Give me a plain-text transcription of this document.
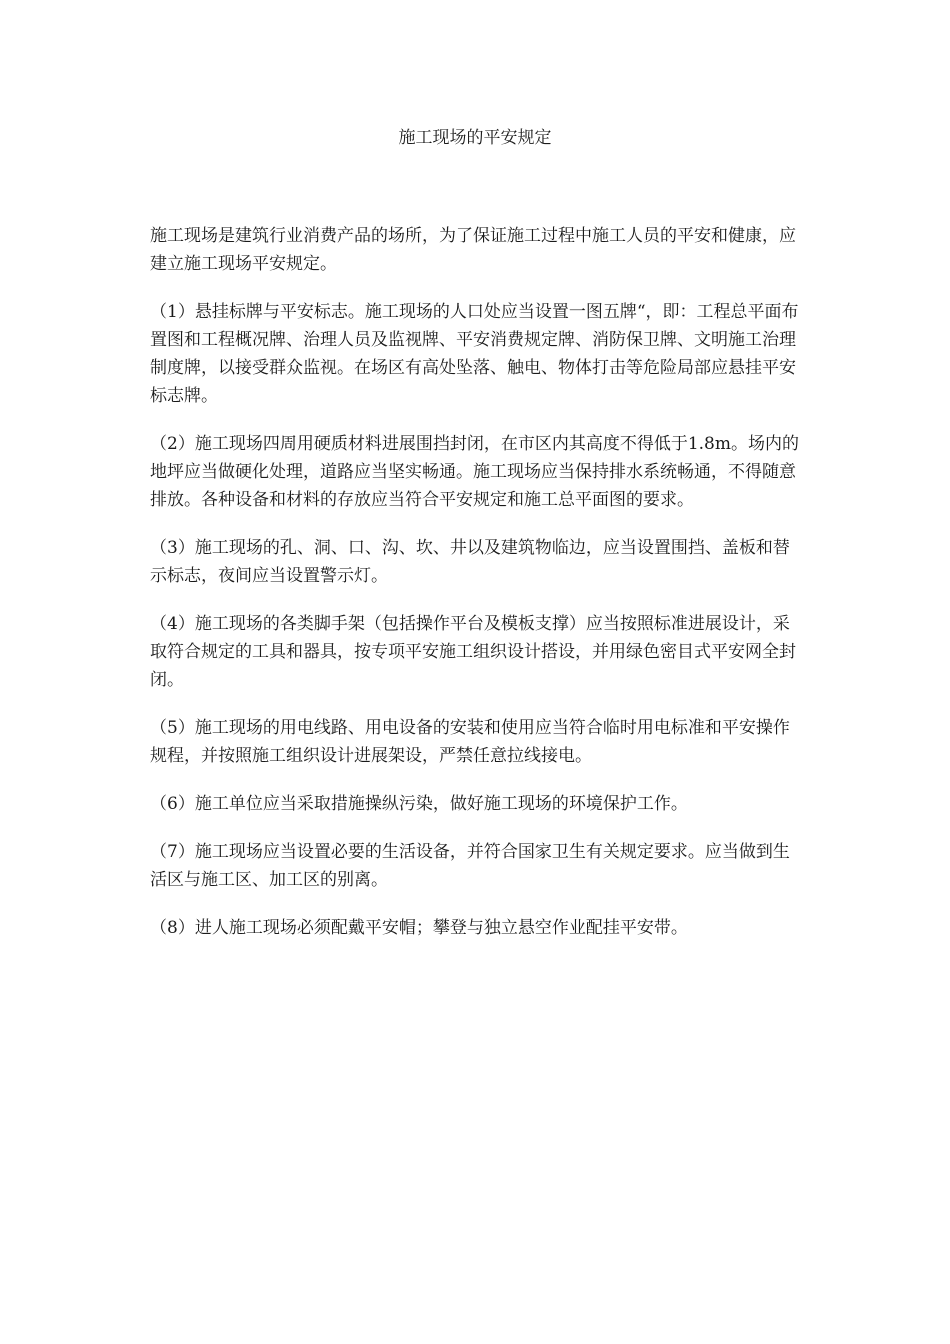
施工现场的平安规定

施工现场是建筑行业消费产品的场所，为了保证施工过程中施工人员的平安和健康，应建立施工现场平安规定。

（1）悬挂标牌与平安标志。施工现场的人口处应当设置一图五牌“，即：工程总平面布置图和工程概况牌、治理人员及监视牌、平安消费规定牌、消防保卫牌、文明施工治理制度牌，以接受群众监视。在场区有高处坠落、触电、物体打击等危险局部应悬挂平安标志牌。

（2）施工现场四周用硬质材料进展围挡封闭，在市区内其高度不得低于1.8m。场内的地坪应当做硬化处理，道路应当坚实畅通。施工现场应当保持排水系统畅通，不得随意排放。各种设备和材料的存放应当符合平安规定和施工总平面图的要求。

（3）施工现场的孔、洞、口、沟、坎、井以及建筑物临边，应当设置围挡、盖板和替示标志，夜间应当设置警示灯。

（4）施工现场的各类脚手架（包括操作平台及模板支撑）应当按照标准进展设计，采取符合规定的工具和器具，按专项平安施工组织设计搭设，并用绿色密目式平安网全封闭。

（5）施工现场的用电线路、用电设备的安装和使用应当符合临时用电标准和平安操作规程，并按照施工组织设计进展架设，严禁任意拉线接电。

（6）施工单位应当采取措施操纵污染，做好施工现场的环境保护工作。

（7）施工现场应当设置必要的生活设备，并符合国家卫生有关规定要求。应当做到生活区与施工区、加工区的别离。

（8）进人施工现场必须配戴平安帽；攀登与独立悬空作业配挂平安带。
